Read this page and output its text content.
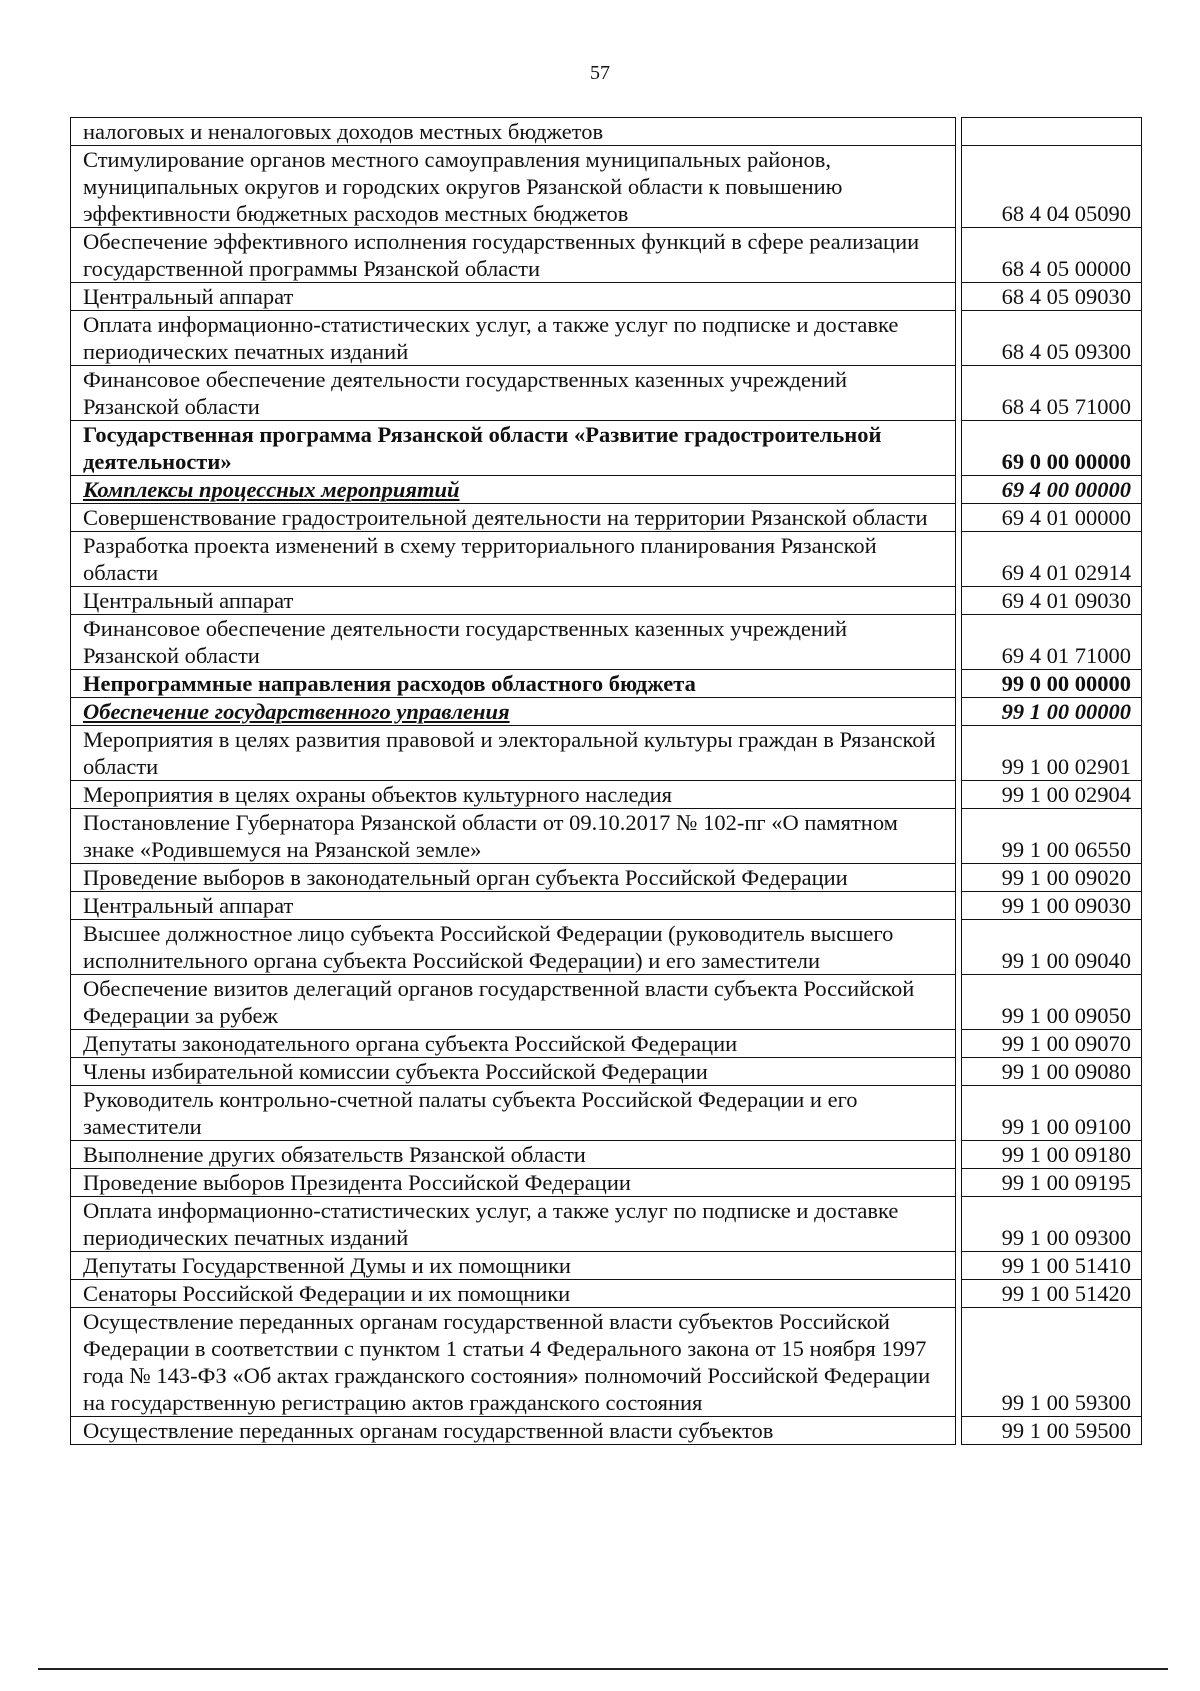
57
налоговых и неналоговых доходов местных бюджетов		
Стимулирование органов местного самоуправления муниципальных районов, муниципальных округов и городских округов Рязанской области к повышению эффективности бюджетных расходов местных бюджетов		68 4 04 05090
Обеспечение эффективного исполнения государственных функций в сфере реализации государственной программы Рязанской области		68 4 05 00000
Центральный аппарат		68 4 05 09030
Оплата информационно-статистических услуг, а также услуг по подписке и доставке периодических печатных изданий		68 4 05 09300
Финансовое обеспечение деятельности государственных казенных учреждений Рязанской области		68 4 05 71000
Государственная программа Рязанской области «Развитие градостроительной деятельности»		69 0 00 00000
Комплексы процессных мероприятий		69 4 00 00000
Совершенствование градостроительной деятельности на территории Рязанской области		69 4 01 00000
Разработка проекта изменений в схему территориального планирования Рязанской области		69 4 01 02914
Центральный аппарат		69 4 01 09030
Финансовое обеспечение деятельности государственных казенных учреждений Рязанской области		69 4 01 71000
Непрограммные направления расходов областного бюджета		99 0 00 00000
Обеспечение государственного управления		99 1 00 00000
Мероприятия в целях развития правовой и электоральной культуры граждан в Рязанской области		99 1 00 02901
Мероприятия в целях охраны объектов культурного наследия		99 1 00 02904
Постановление Губернатора Рязанской области от 09.10.2017 № 102-пг «О памятном знаке «Родившемуся на Рязанской земле»		99 1 00 06550
Проведение выборов в законодательный орган субъекта Российской Федерации		99 1 00 09020
Центральный аппарат		99 1 00 09030
Высшее должностное лицо субъекта Российской Федерации (руководитель высшего исполнительного органа субъекта Российской Федерации) и его заместители		99 1 00 09040
Обеспечение визитов делегаций органов государственной власти субъекта Российской Федерации за рубеж		99 1 00 09050
Депутаты законодательного органа субъекта Российской Федерации		99 1 00 09070
Члены избирательной комиссии субъекта Российской Федерации		99 1 00 09080
Руководитель контрольно-счетной палаты субъекта Российской Федерации и его заместители		99 1 00 09100
Выполнение других обязательств Рязанской области		99 1 00 09180
Проведение выборов Президента Российской Федерации		99 1 00 09195
Оплата информационно-статистических услуг, а также услуг по подписке и доставке периодических печатных изданий		99 1 00 09300
Депутаты Государственной Думы и их помощники		99 1 00 51410
Сенаторы Российской Федерации и их помощники		99 1 00 51420
Осуществление переданных органам государственной власти субъектов Российской Федерации в соответствии с пунктом 1 статьи 4 Федерального закона от 15 ноября 1997 года № 143-ФЗ «Об актах гражданского состояния» полномочий Российской Федерации на государственную регистрацию актов гражданского состояния		99 1 00 59300
Осуществление переданных органам государственной власти субъектов		99 1 00 59500
